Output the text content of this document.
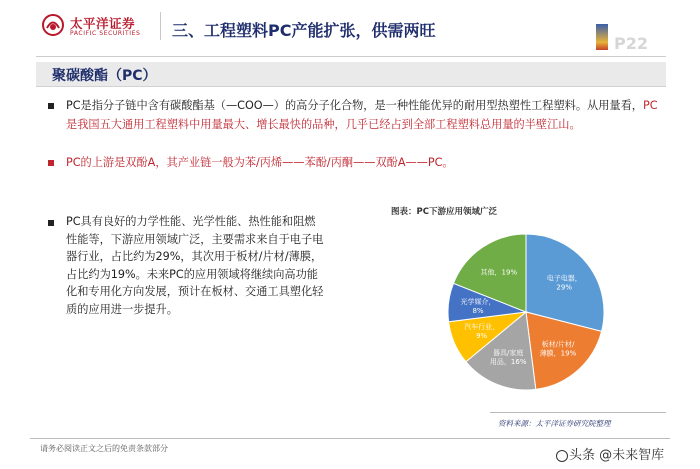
太平洋证券
PACIFIC SECURITIES 三、工程塑料PC产能扩张，供需两旺
P22
聚碳酸酯（PC）
PC是指分子链中含有碳酸酯基（—COO—）的高分子化合物，是一种性能优异的耐用型热塑性工程塑料。从用量看，PC是我国五大通用工程塑料中用量最大、增长最快的品种，几乎已经占到全部工程塑料总用量的半壁江山。
PC的上游是双酚A，其产业链一般为苯/丙烯——苯酚/丙酮——双酚A——PC。
PC具有良好的力学性能、光学性能、热性能和阻燃性能等，下游应用领域广泛，主要需求来自于电子电器行业，占比约为29%，其次用于板材/片材/薄膜，占比约为19%。未来PC的应用领域将继续向高功能化和专用化方向发展，预计在板材、交通工具塑化轻质的应用进一步提升。
图表：PC下游应用领域广泛
电子电器， 29%
板材/片材/薄膜，19%
器具/家庭用品，16%
汽车行业， 9%
光学媒介， 8%
其他，19%
资料来源：太平洋证券研究院整理
请务必阅读正文之后的免责条款部分	头条 @未来智库
